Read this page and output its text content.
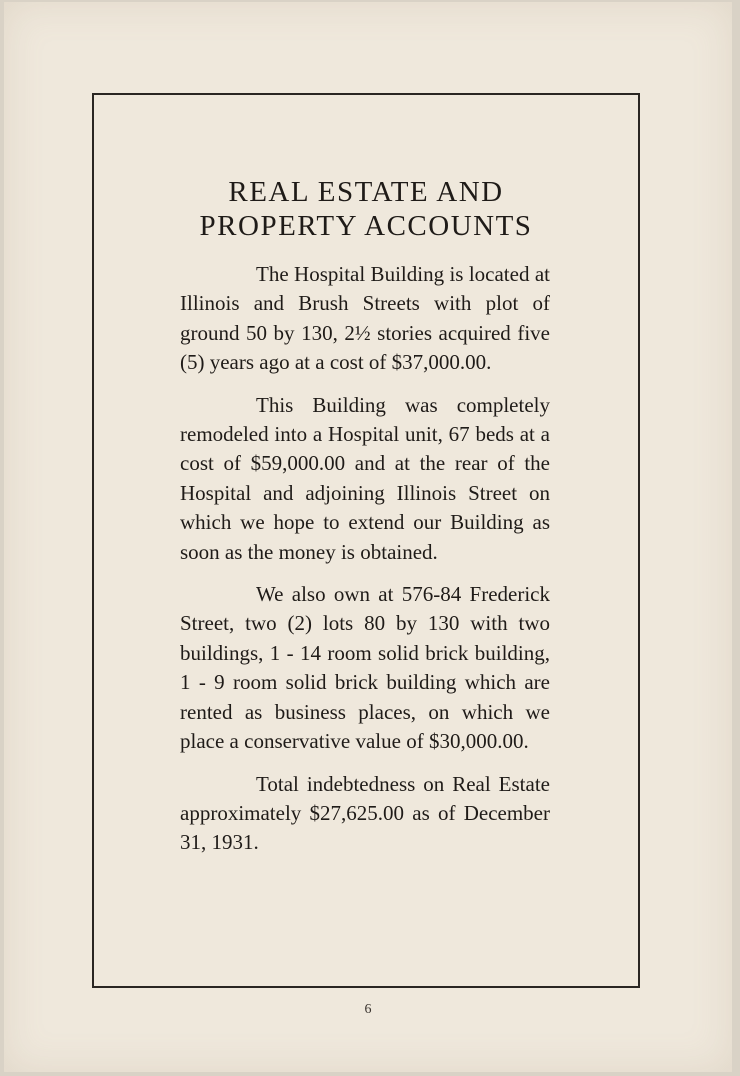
REAL ESTATE AND
PROPERTY ACCOUNTS

The Hospital Building is located at Illinois and Brush Streets with plot of ground 50 by 130, 2½ stories acquired five (5) years ago at a cost of $37,000.00.

This Building was completely remodeled into a Hospital unit, 67 beds at a cost of $59,000.00 and at the rear of the Hospital and adjoining Illinois Street on which we hope to extend our Building as soon as the money is obtained.

We also own at 576-84 Frederick Street, two (2) lots 80 by 130 with two buildings, 1 - 14 room solid brick building, 1 - 9 room solid brick building which are rented as business places, on which we place a conservative value of $30,000.00.

Total indebtedness on Real Estate approximately $27,625.00 as of December 31, 1931.

6
